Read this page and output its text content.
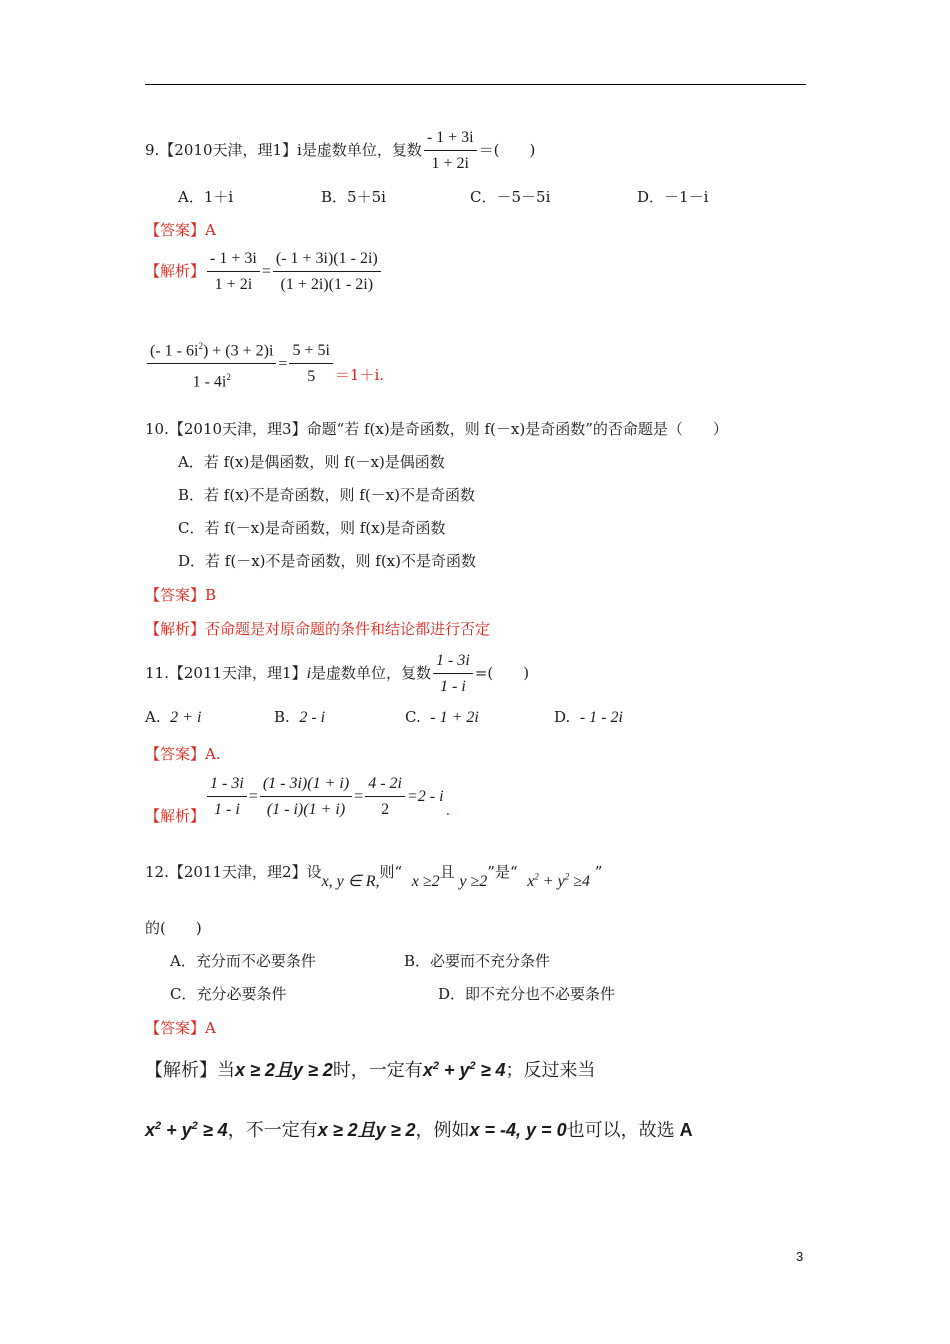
9.【2010天津，理1】i是虚数单位，复数 $\frac{- 1 + 3i}{1 + 2i}$ ＝(　　)
A．1＋i	B．5＋5i	C．－5－5i	D．－1－i
【答案】A
【解析】 $\frac{- 1 + 3i}{1 + 2i} = \frac{(- 1 + 3i)(1 - 2i)}{(1 + 2i)(1 - 2i)}$
$\frac{(- 1 - 6i^2) + (3 + 2)i}{1 - 4i^2} = \frac{5 + 5i}{5} =1+i$.
10.【2010天津，理3】命题“若 f(x)是奇函数，则 f(－x)是奇函数”的否命题是（　　）
A．若 f(x)是偶函数，则 f(－x)是偶函数
B．若 f(x)不是奇函数，则 f(－x)不是奇函数
C．若 f(－x)是奇函数，则 f(x)是奇函数
D．若 f(－x)不是奇函数，则 f(x)不是奇函数
【答案】B
【解析】否命题是对原命题的条件和结论都进行否定
11.【2011天津，理1】i是虚数单位，复数 $\frac{1 - 3i}{1 - i}$ =(　　)
A. 2 + i	B. 2 - i	C. - 1 + 2i	D. - 1 - 2i
【答案】A.
【解析】 $\frac{1 - 3i}{1 - i} = \frac{(1 - 3i)(1 + i)}{(1 - i)(1 + i)} = \frac{4 - 2i}{2} =2 - i$.
12.【2011天津，理2】设x, y ∈ R,则“  x ≥2且 y ≥2”是“  $x^2 + y^2 \ge 4$ ”
的(　　)
A．充分而不必要条件	B．必要而不充分条件
C．充分必要条件	D．即不充分也不必要条件
【答案】A
【解析】当x ≥ 2且y ≥ 2时，一定有$x^2 + y^2 \ge 4$；反过来当
$x^2 + y^2 \ge 4$，不一定有x ≥ 2且y ≥ 2，例如x = -4, y = 0也可以，故选 A
3
